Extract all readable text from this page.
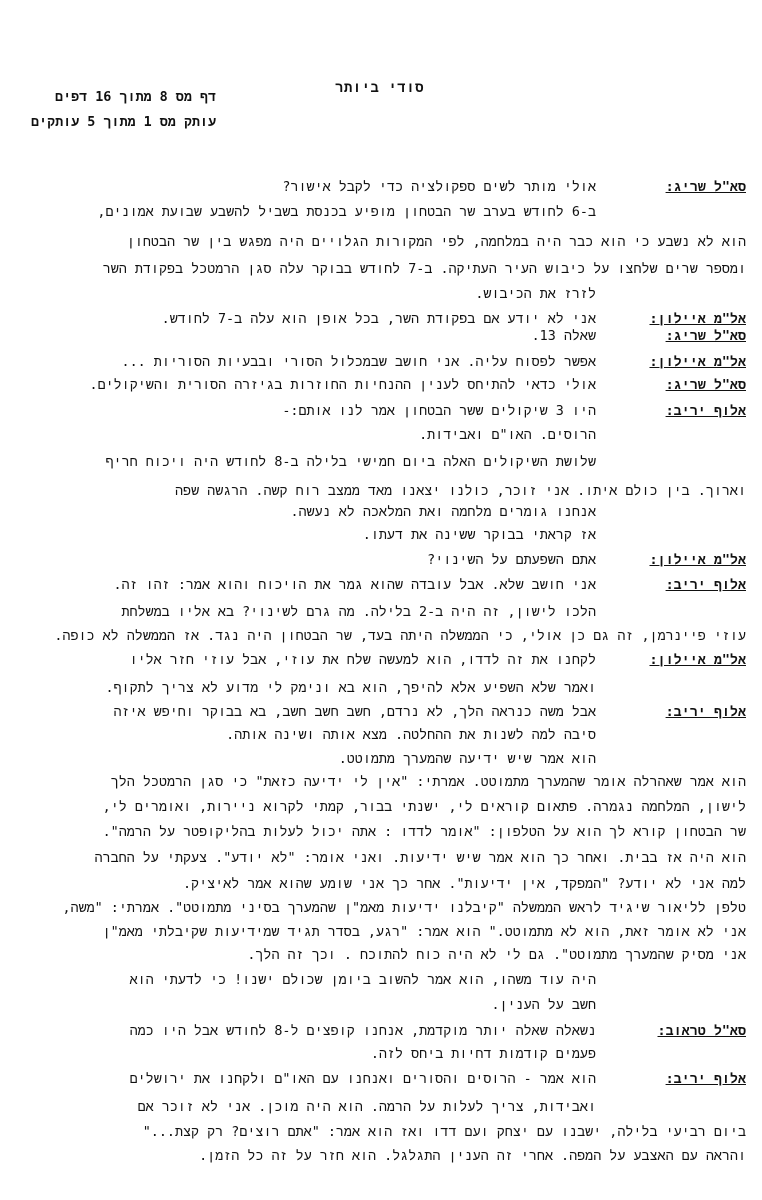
סודי ביותר
דף מס 8 מתוך 16 דפים
עותק מס 1 מתוך 5 עותקים
סא"ל שריג:
אולי מותר לשים ספקולציה כדי לקבל אישור?
ב-6 לחודש בערב שר הבטחון מופיע בכנסת בשביל להשבע שבועת אמונים,
הוא לא נשבע כי הוא כבר היה במלחמה, לפי המקורות הגלויים היה מפגש בין שר הבטחון
ומספר שרים שלחצו על כיבוש העיר העתיקה. ב-7 לחודש בבוקר עלה סגן הרמטכל בפקודת השר
לזרז את הכיבוש.
אל"מ איילון:
אני לא יודע אם בפקודת השר, בכל אופן הוא עלה ב-7 לחודש.
סא"ל שריג:
שאלה 13.
אל"מ איילון:
אפשר לפסוח עליה. אני חושב שבמכלול הסורי ובבעיות הסוריות ...
סא"ל שריג:
אולי כדאי להתיחס לענין ההנחיות החוזרות בגיזרה הסורית והשיקולים.
אלוף יריב:
היו 3 שיקולים ששר הבטחון אמר לנו אותם:-
הרוסים. האו"ם ואבידות.
שלושת השיקולים האלה ביום חמישי בלילה ב-8 לחודש היה ויכוח חריף
וארוך. בין כולם איתו. אני זוכר, כולנו יצאנו מאד ממצב רוח קשה. הרגשה שפה
אנחנו גומרים מלחמה ואת המלאכה לא נעשה.
אז קראתי בבוקר ששינה את דעתו.
אל"מ איילון:
אתם השפעתם על השינוי?
אלוף יריב:
אני חושב שלא. אבל עובדה שהוא גמר את הויכוח והוא אמר: זהו זה.
הלכו לישון, זה היה ב-2 בלילה. מה גרם לשינוי? בא אליו במשלחת
עוזי פיינרמן, זה גם כן אולי, כי הממשלה היתה בעד, שר הבטחון היה נגד. אז הממשלה לא כופה.
אל"מ איילון:
לקחנו את זה לדדו, הוא למעשה שלח את עוזי, אבל עוזי חזר אליו
ואמר שלא השפיע אלא להיפך, הוא בא ונימק לי מדוע לא צריך לתקוף.
אלוף יריב:
אבל משה כנראה הלך, לא נרדם, חשב חשב חשב, בא בבוקר וחיפש איזה
סיבה למה לשנות את ההחלטה. מצא אותה ושינה אותה.
הוא אמר שיש ידיעה שהמערך מתמוטט.
הוא אמר שאהרלה אומר שהמערך מתמוטט. אמרתי: "אין לי ידיעה כזאת" כי סגן הרמטכל הלך
לישון, המלחמה נגמרה. פתאום קוראים לי, ישנתי בבור, קמתי לקרוא ניירות, ואומרים לי,
שר הבטחון קורא לך הוא על הטלפון: "אומר לדדו : אתה יכול לעלות בהליקופטר על הרמה".
הוא היה אז בבית. ואחר כך הוא אמר שיש ידיעות. ואני אומר: "לא יודע". צעקתי על החברה
למה אני לא יודע? "המפקד, אין ידיעות". אחר כך אני שומע שהוא אמר לאיציק.
טלפן לליאור שיגיד לראש הממשלה "קיבלנו ידיעות מאמ"ן שהמערך בסיני מתמוטט". אמרתי: "משה,
אני לא אומר זאת, הוא לא מתמוטט." הוא אמר: "רגע, בסדר תגיד שמידיעות שקיבלתי מאמ"ן
אני מסיק שהמערך מתמוטט". גם לי לא היה כוח להתוכח . וכך זה הלך.
היה עוד משהו, הוא אמר להשוב ביומן שכולם ישנו! כי לדעתי הוא
חשב על הענין.
סא"ל טראוב:
נשאלה שאלה יותר מוקדמת, אנחנו קופצים ל-8 לחודש אבל היו כמה
פעמים קודמות דחיות ביחס לזה.
אלוף יריב:
הוא אמר - הרוסים והסורים ואנחנו עם האו"ם ולקחנו את ירושלים
ואבידות, צריך לעלות על הרמה. הוא היה מוכן. אני לא זוכר אם
ביום רביעי בלילה, ישבנו עם יצחק ועם דדו ואז הוא אמר: "אתם רוצים? רק קצת..."
והראה עם האצבע על המפה. אחרי זה הענין התגלגל. הוא חזר על זה כל הזמן.
